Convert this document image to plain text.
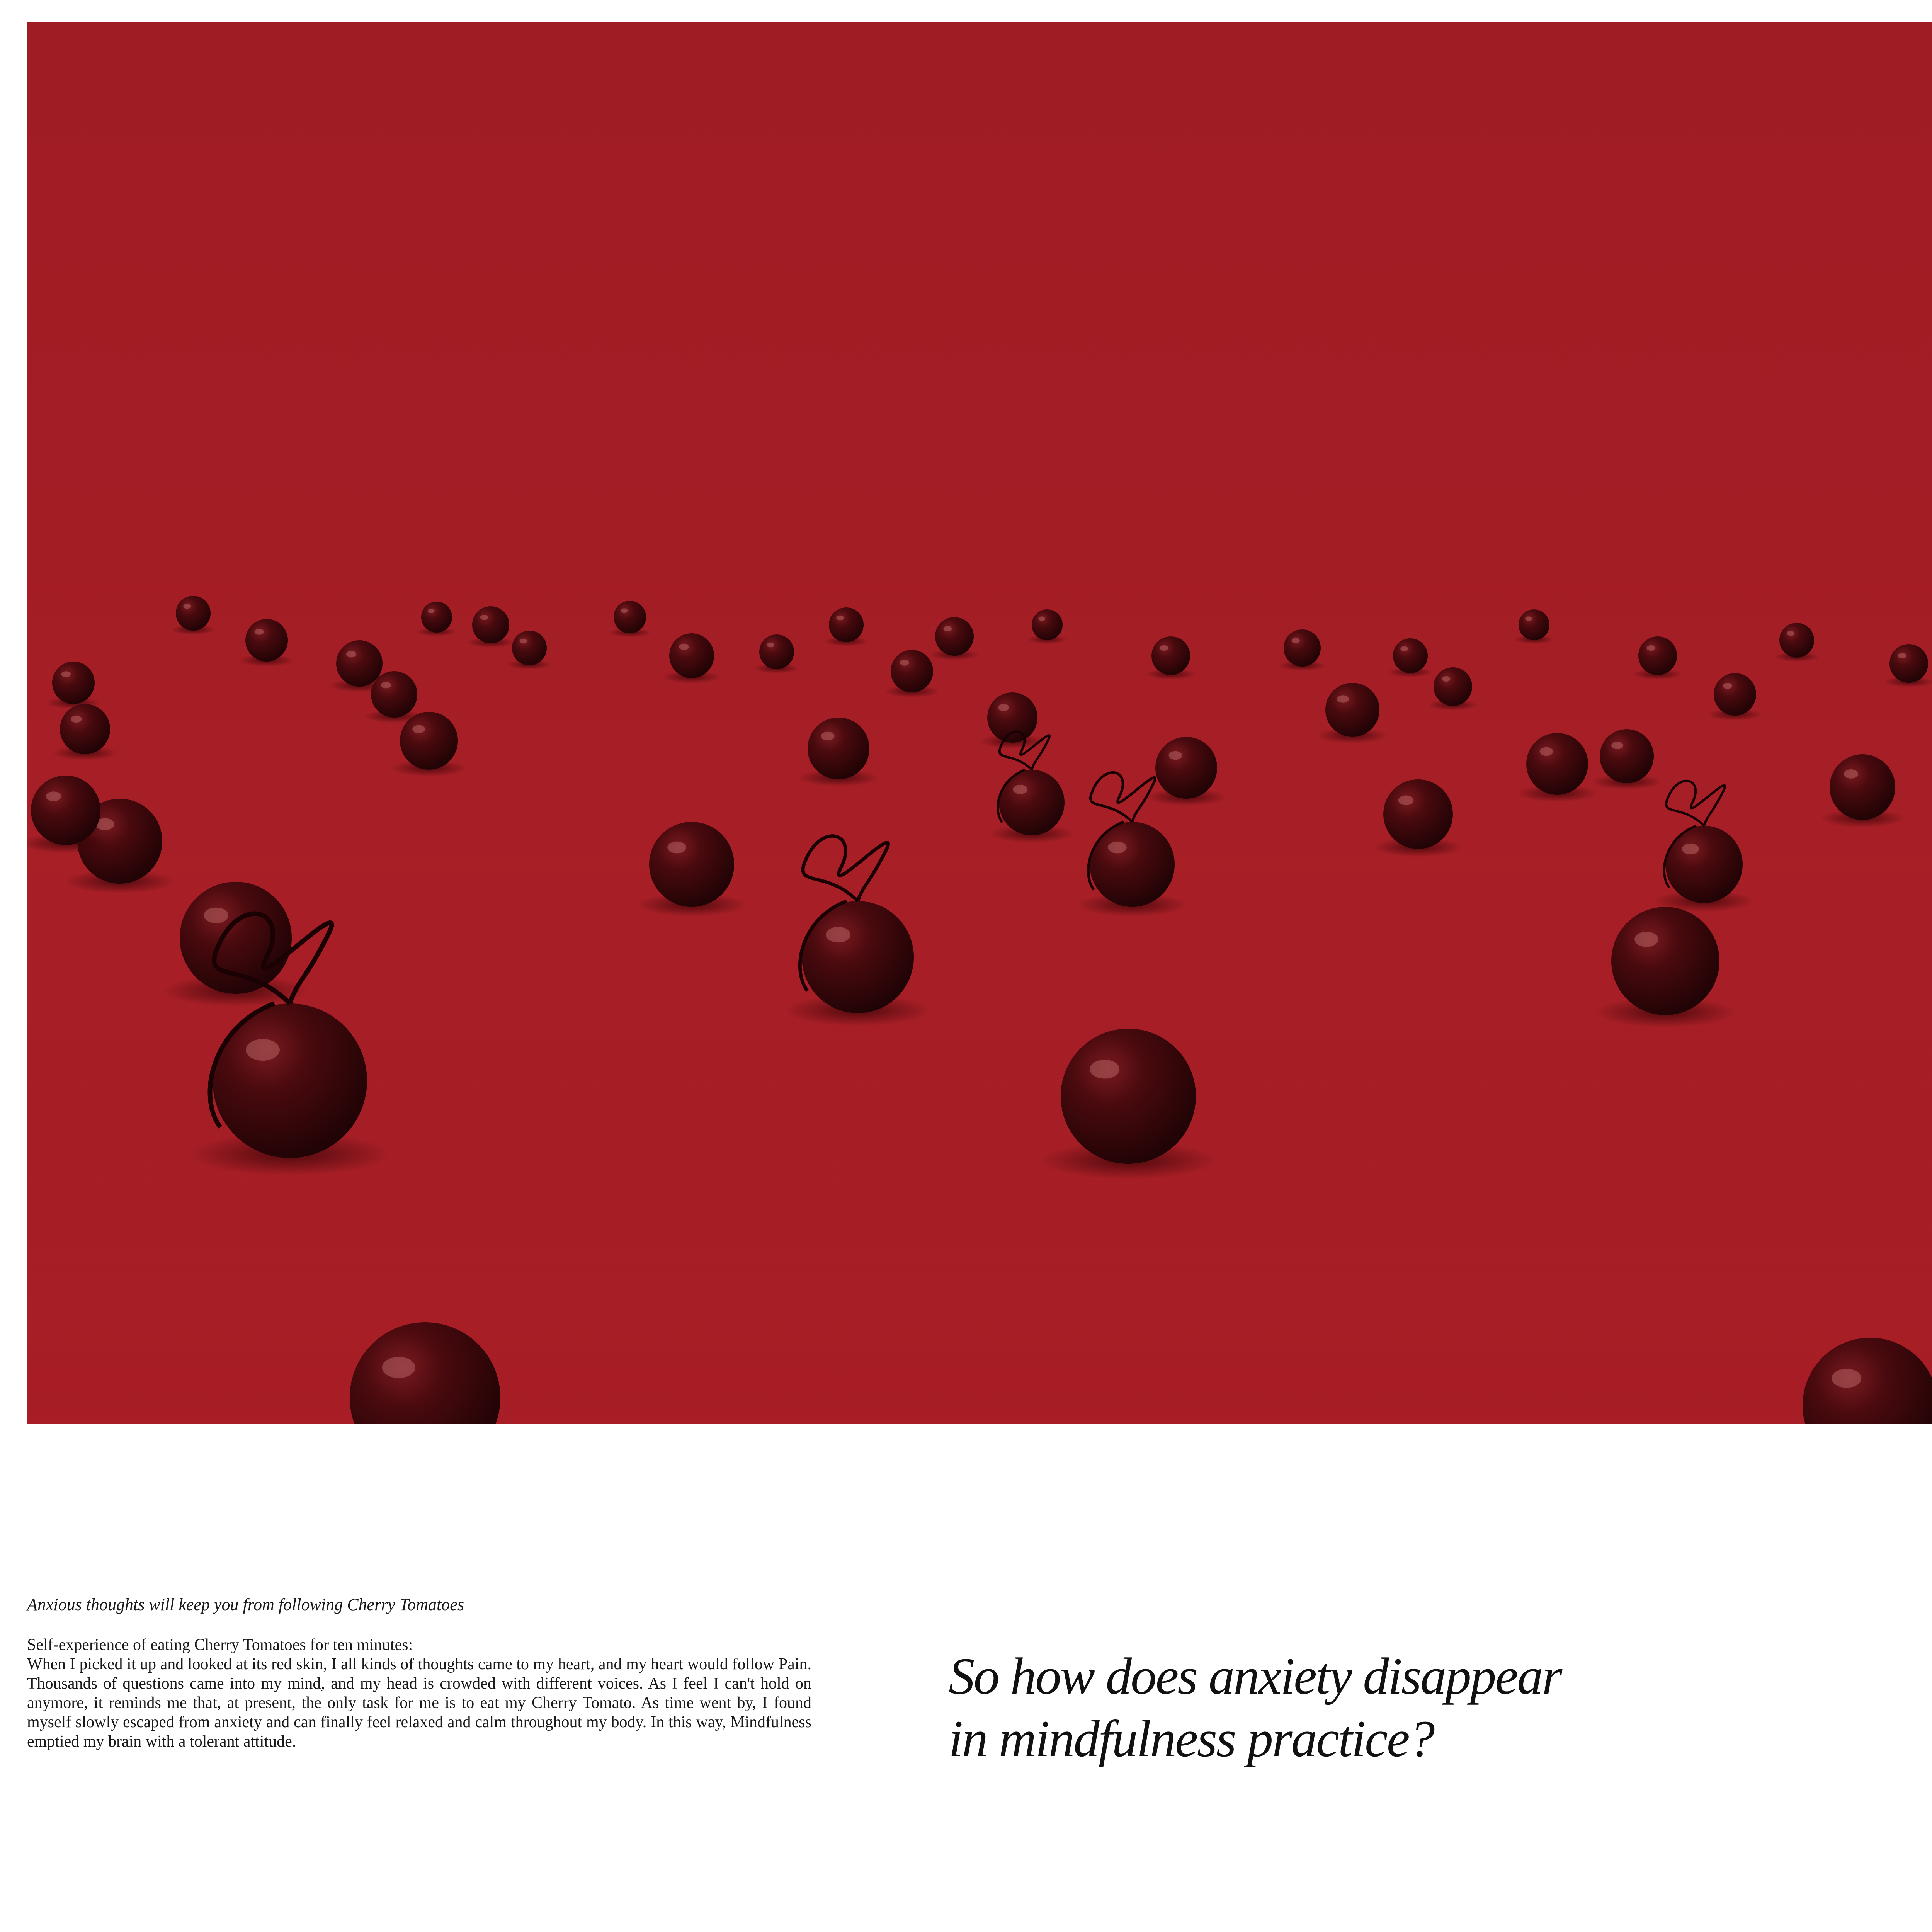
Anxious thoughts will keep you from following Cherry Tomatoes
Self-experience of eating Cherry Tomatoes for ten minutes:
When I picked it up and looked at its red skin, I all kinds of thoughts came to my heart, and my heart would follow Pain. Thousands of questions came into my mind, and my head is crowded with different voices. As I feel I can't hold on anymore, it reminds me that, at present, the only task for me is to eat my Cherry Tomato. As time went by, I found myself slowly escaped from anxiety and can finally feel relaxed and calm throughout my body. In this way, Mindfulness emptied my brain with a tolerant attitude.
So how does anxiety disappear
in mindfulness practice?
